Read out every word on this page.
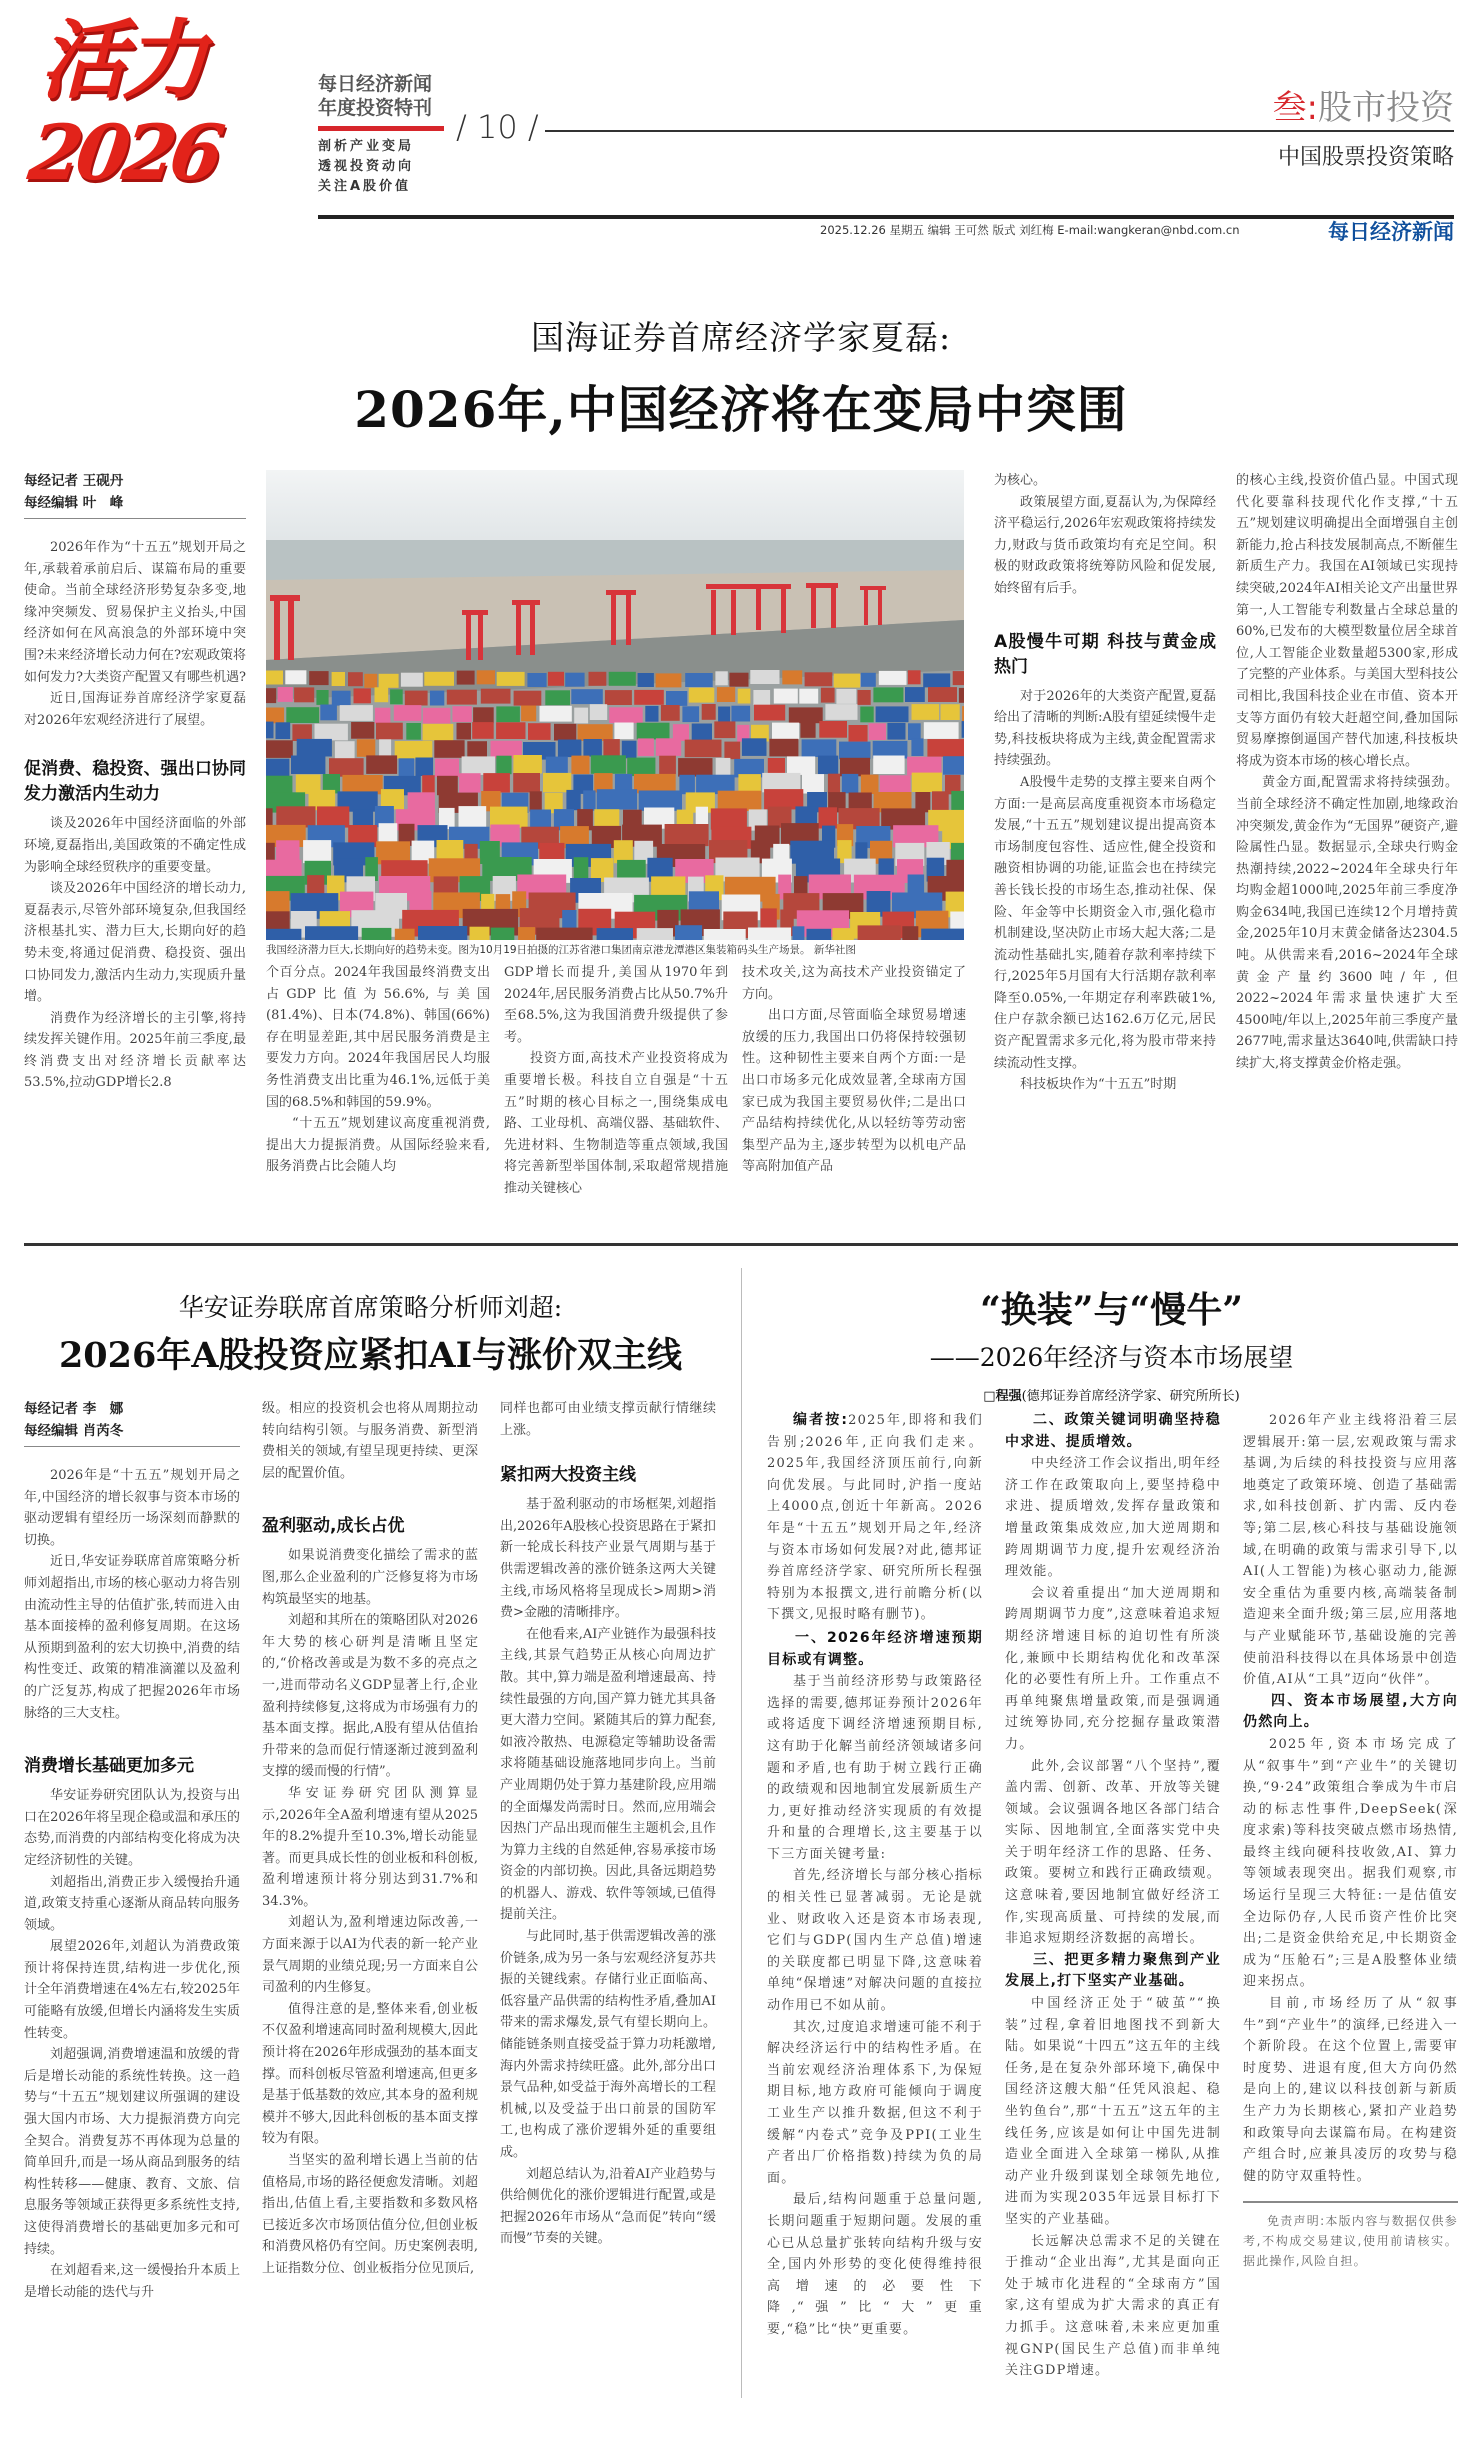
活力
2026
每日经济新闻
年度投资特刊
剖析产业变局
透视投资动向
关注A股价值
/ 10 /	叁:股市投资
中国股票投资策略
2025.12.26 星期五 编辑 王可然 版式 刘红梅 E-mail:wangkeran@nbd.com.cn	每日经济新闻
国海证券首席经济学家夏磊:
2026年,中国经济将在变局中突围
每经记者 王砚丹
每经编辑 叶　峰

2026年作为“十五五”规划开局之年,承载着承前启后、谋篇布局的重要使命。当前全球经济形势复杂多变,地缘冲突频发、贸易保护主义抬头,中国经济如何在风高浪急的外部环境中突围?未来经济增长动力何在?宏观政策将如何发力?大类资产配置又有哪些机遇?

近日,国海证券首席经济学家夏磊对2026年宏观经济进行了展望。

促消费、稳投资、强出口协同发力激活内生动力

谈及2026年中国经济面临的外部环境,夏磊指出,美国政策的不确定性成为影响全球经贸秩序的重要变量。

谈及2026年中国经济的增长动力,夏磊表示,尽管外部环境复杂,但我国经济根基扎实、潜力巨大,长期向好的趋势未变,将通过促消费、稳投资、强出口协同发力,激活内生动力,实现质升量增。

消费作为经济增长的主引擎,将持续发挥关键作用。2025年前三季度,最终消费支出对经济增长贡献率达53.5%,拉动GDP增长2.8

我国经济潜力巨大,长期向好的趋势未变。图为10月19日拍摄的江苏省港口集团南京港龙潭港区集装箱码头生产场景。 新华社图

个百分点。2024年我国最终消费支出占GDP比值为56.6%,与美国(81.4%)、日本(74.8%)、韩国(66%)存在明显差距,其中居民服务消费是主要发力方向。2024年我国居民人均服务性消费支出比重为46.1%,远低于美国的68.5%和韩国的59.9%。

“十五五”规划建议高度重视消费,提出大力提振消费。从国际经验来看,服务消费占比会随人均

GDP增长而提升,美国从1970年到2024年,居民服务消费占比从50.7%升至68.5%,这为我国消费升级提供了参考。

投资方面,高技术产业投资将成为重要增长极。科技自立自强是“十五五”时期的核心目标之一,围绕集成电路、工业母机、高端仪器、基础软件、先进材料、生物制造等重点领域,我国将完善新型举国体制,采取超常规措施推动关键核心

技术攻关,这为高技术产业投资锚定了方向。

出口方面,尽管面临全球贸易增速放缓的压力,我国出口仍将保持较强韧性。这种韧性主要来自两个方面:一是出口市场多元化成效显著,全球南方国家已成为我国主要贸易伙伴;二是出口产品结构持续优化,从以轻纺等劳动密集型产品为主,逐步转型为以机电产品等高附加值产品

为核心。

政策展望方面,夏磊认为,为保障经济平稳运行,2026年宏观政策将持续发力,财政与货币政策均有充足空间。积极的财政政策将统筹防风险和促发展,始终留有后手。

A股慢牛可期 科技与黄金成热门

对于2026年的大类资产配置,夏磊给出了清晰的判断:A股有望延续慢牛走势,科技板块将成为主线,黄金配置需求持续强劲。

A股慢牛走势的支撑主要来自两个方面:一是高层高度重视资本市场稳定发展,“十五五”规划建议提出提高资本市场制度包容性、适应性,健全投资和融资相协调的功能,证监会也在持续完善长钱长投的市场生态,推动社保、保险、年金等中长期资金入市,强化稳市机制建设,坚决防止市场大起大落;二是流动性基础扎实,随着存款利率持续下行,2025年5月国有大行活期存款利率降至0.05%,一年期定存利率跌破1%,住户存款余额已达162.6万亿元,居民资产配置需求多元化,将为股市带来持续流动性支撑。

科技板块作为“十五五”时期

的核心主线,投资价值凸显。中国式现代化要靠科技现代化作支撑,“十五五”规划建议明确提出全面增强自主创新能力,抢占科技发展制高点,不断催生新质生产力。我国在AI领域已实现持续突破,2024年AI相关论文产出量世界第一,人工智能专利数量占全球总量的60%,已发布的大模型数量位居全球首位,人工智能企业数量超5300家,形成了完整的产业体系。与美国大型科技公司相比,我国科技企业在市值、资本开支等方面仍有较大赶超空间,叠加国际贸易摩擦倒逼国产替代加速,科技板块将成为资本市场的核心增长点。

黄金方面,配置需求将持续强劲。当前全球经济不确定性加剧,地缘政治冲突频发,黄金作为“无国界”硬资产,避险属性凸显。数据显示,全球央行购金热潮持续,2022~2024年全球央行年均购金超1000吨,2025年前三季度净购金634吨,我国已连续12个月增持黄金,2025年10月末黄金储备达2304.5吨。从供需来看,2016~2024年全球黄金产量约3600吨/年,但2022~2024年需求量快速扩大至4500吨/年以上,2025年前三季度产量2677吨,需求量达3640吨,供需缺口持续扩大,将支撑黄金价格走强。

华安证券联席首席策略分析师刘超:
2026年A股投资应紧扣AI与涨价双主线
每经记者 李　娜
每经编辑 肖芮冬

2026年是“十五五”规划开局之年,中国经济的增长叙事与资本市场的驱动逻辑有望经历一场深刻而静默的切换。

近日,华安证券联席首席策略分析师刘超指出,市场的核心驱动力将告别由流动性主导的估值扩张,转而进入由基本面接棒的盈利修复周期。在这场从预期到盈利的宏大切换中,消费的结构性变迁、政策的精准滴灌以及盈利的广泛复苏,构成了把握2026年市场脉络的三大支柱。

消费增长基础更加多元

华安证券研究团队认为,投资与出口在2026年将呈现企稳或温和承压的态势,而消费的内部结构变化将成为决定经济韧性的关键。

刘超指出,消费正步入缓慢抬升通道,政策支持重心逐渐从商品转向服务领域。

展望2026年,刘超认为消费政策预计将保持连贯,结构进一步优化,预计全年消费增速在4%左右,较2025年可能略有放缓,但增长内涵将发生实质性转变。

刘超强调,消费增速温和放缓的背后是增长动能的系统性转换。这一趋势与“十五五”规划建议所强调的建设强大国内市场、大力提振消费方向完全契合。消费复苏不再体现为总量的简单回升,而是一场从商品到服务的结构性转移——健康、教育、文旅、信息服务等领域正获得更多系统性支持,这使得消费增长的基础更加多元和可持续。

在刘超看来,这一缓慢抬升本质上是增长动能的迭代与升

级。相应的投资机会也将从周期拉动转向结构引领。与服务消费、新型消费相关的领域,有望呈现更持续、更深层的配置价值。

盈利驱动,成长占优

如果说消费变化描绘了需求的蓝图,那么企业盈利的广泛修复将为市场构筑最坚实的地基。

刘超和其所在的策略团队对2026年大势的核心研判是清晰且坚定的,“价格改善或是为数不多的亮点之一,进而带动名义GDP显著上行,企业盈利持续修复,这将成为市场强有力的基本面支撑。据此,A股有望从估值抬升带来的急而促行情逐渐过渡到盈利支撑的缓而慢的行情”。

华安证券研究团队测算显示,2026年全A盈利增速有望从2025年的8.2%提升至10.3%,增长动能显著。而更具成长性的创业板和科创板,盈利增速预计将分别达到31.7%和34.3%。

刘超认为,盈利增速边际改善,一方面来源于以AI为代表的新一轮产业景气周期的业绩兑现;另一方面来自公司盈利的内生修复。

值得注意的是,整体来看,创业板不仅盈利增速高同时盈利规模大,因此预计将在2026年形成强劲的基本面支撑。而科创板尽管盈利增速高,但更多是基于低基数的效应,其本身的盈利规模并不够大,因此科创板的基本面支撑较为有限。

当坚实的盈利增长遇上当前的估值格局,市场的路径便愈发清晰。刘超指出,估值上看,主要指数和多数风格已接近多次市场顶估值分位,但创业板和消费风格仍有空间。历史案例表明,上证指数分位、创业板指分位见顶后,

同样也都可由业绩支撑贡献行情继续上涨。

紧扣两大投资主线

基于盈利驱动的市场框架,刘超指出,2026年A股核心投资思路在于紧扣新一轮成长科技产业景气周期与基于供需逻辑改善的涨价链条这两大关键主线,市场风格将呈现成长>周期>消费>金融的清晰排序。

在他看来,AI产业链作为最强科技主线,其景气趋势正从核心向周边扩散。其中,算力端是盈利增速最高、持续性最强的方向,国产算力链尤其具备更大潜力空间。紧随其后的算力配套,如液冷散热、电源稳定等辅助设备需求将随基础设施落地同步向上。当前产业周期仍处于算力基建阶段,应用端的全面爆发尚需时日。然而,应用端会因热门产品出现而催生主题机会,且作为算力主线的自然延伸,容易承接市场资金的内部切换。因此,具备远期趋势的机器人、游戏、软件等领域,已值得提前关注。

与此同时,基于供需逻辑改善的涨价链条,成为另一条与宏观经济复苏共振的关键线索。存储行业正面临高、低容量产品供需的结构性矛盾,叠加AI带来的需求爆发,景气有望长期向上。储能链条则直接受益于算力功耗激增,海内外需求持续旺盛。此外,部分出口景气品种,如受益于海外高增长的工程机械,以及受益于出口前景的国防军工,也构成了涨价逻辑外延的重要组成。

刘超总结认为,沿着AI产业趋势与供给侧优化的涨价逻辑进行配置,或是把握2026年市场从“急而促”转向“缓而慢”节奏的关键。

“换装”与“慢牛”
——2026年经济与资本市场展望
□程强(德邦证券首席经济学家、研究所所长)

编者按:2025年,即将和我们告别;2026年,正向我们走来。2025年,我国经济顶压前行,向新向优发展。与此同时,沪指一度站上4000点,创近十年新高。2026年是“十五五”规划开局之年,经济与资本市场如何发展?对此,德邦证券首席经济学家、研究所所长程强特别为本报撰文,进行前瞻分析(以下撰文,见报时略有删节)。

一、2026年经济增速预期目标或有调整。

基于当前经济形势与政策路径选择的需要,德邦证券预计2026年或将适度下调经济增速预期目标,这有助于化解当前经济领域诸多问题和矛盾,也有助于树立践行正确的政绩观和因地制宜发展新质生产力,更好推动经济实现质的有效提升和量的合理增长,这主要基于以下三方面关键考量:

首先,经济增长与部分核心指标的相关性已显著减弱。无论是就业、财政收入还是资本市场表现,它们与GDP(国内生产总值)增速的关联度都已明显下降,这意味着单纯“保增速”对解决问题的直接拉动作用已不如从前。

其次,过度追求增速可能不利于解决经济运行中的结构性矛盾。在当前宏观经济治理体系下,为保短期目标,地方政府可能倾向于调度工业生产以推升数据,但这不利于缓解“内卷式”竞争及PPI(工业生产者出厂价格指数)持续为负的局面。

最后,结构问题重于总量问题,长期问题重于短期问题。发展的重心已从总量扩张转向结构升级与安全,国内外形势的变化使得维持很高增速的必要性下降,“强”比“大”更重要,“稳”比“快”更重要。

二、政策关键词明确坚持稳中求进、提质增效。

中央经济工作会议指出,明年经济工作在政策取向上,要坚持稳中求进、提质增效,发挥存量政策和增量政策集成效应,加大逆周期和跨周期调节力度,提升宏观经济治理效能。

会议着重提出“加大逆周期和跨周期调节力度”,这意味着追求短期经济增速目标的迫切性有所淡化,兼顾中长期结构优化和改革深化的必要性有所上升。工作重点不再单纯聚焦增量政策,而是强调通过统筹协同,充分挖掘存量政策潜力。

此外,会议部署“八个坚持”,覆盖内需、创新、改革、开放等关键领域。会议强调各地区各部门结合实际、因地制宜,全面落实党中央关于明年经济工作的思路、任务、政策。要树立和践行正确政绩观。这意味着,要因地制宜做好经济工作,实现高质量、可持续的发展,而非追求短期经济数据的高增长。

三、把更多精力聚焦到产业发展上,打下坚实产业基础。

中国经济正处于“破茧”“换装”过程,拿着旧地图找不到新大陆。如果说“十四五”这五年的主线任务,是在复杂外部环境下,确保中国经济这艘大船“任凭风浪起、稳坐钓鱼台”,那“十五五”这五年的主线任务,应该是如何让中国先进制造业全面进入全球第一梯队,从推动产业升级到谋划全球领先地位,进而为实现2035年远景目标打下坚实的产业基础。

长远解决总需求不足的关键在于推动“企业出海”,尤其是面向正处于城市化进程的“全球南方”国家,这有望成为扩大需求的真正有力抓手。这意味着,未来应更加重视GNP(国民生产总值)而非单纯关注GDP增速。

2026年产业主线将沿着三层逻辑展开:第一层,宏观政策与需求基调,为后续的科技投资与应用落地奠定了政策环境、创造了基础需求,如科技创新、扩内需、反内卷等;第二层,核心科技与基础设施领域,在明确的政策与需求引导下,以AI(人工智能)为核心驱动力,能源安全重估为重要内核,高端装备制造迎来全面升级;第三层,应用落地与产业赋能环节,基础设施的完善使前沿科技得以在具体场景中创造价值,AI从“工具”迈向“伙伴”。

四、资本市场展望,大方向仍然向上。

2025年,资本市场完成了从“叙事牛”到“产业牛”的关键切换,“9·24”政策组合拳成为牛市启动的标志性事件,DeepSeek(深度求索)等科技突破点燃市场热情,最终主线向硬科技收敛,AI、算力等领域表现突出。据我们观察,市场运行呈现三大特征:一是估值安全边际仍存,人民币资产性价比突出;二是资金供给充足,中长期资金成为“压舱石”;三是A股整体业绩迎来拐点。

目前,市场经历了从“叙事牛”到“产业牛”的演绎,已经进入一个新阶段。在这个位置上,需要审时度势、进退有度,但大方向仍然是向上的,建议以科技创新与新质生产力为长期核心,紧扣产业趋势和政策导向去谋篇布局。在构建资产组合时,应兼具凌厉的攻势与稳健的防守双重特性。

免责声明:本版内容与数据仅供参考,不构成交易建议,使用前请核实。据此操作,风险自担。
